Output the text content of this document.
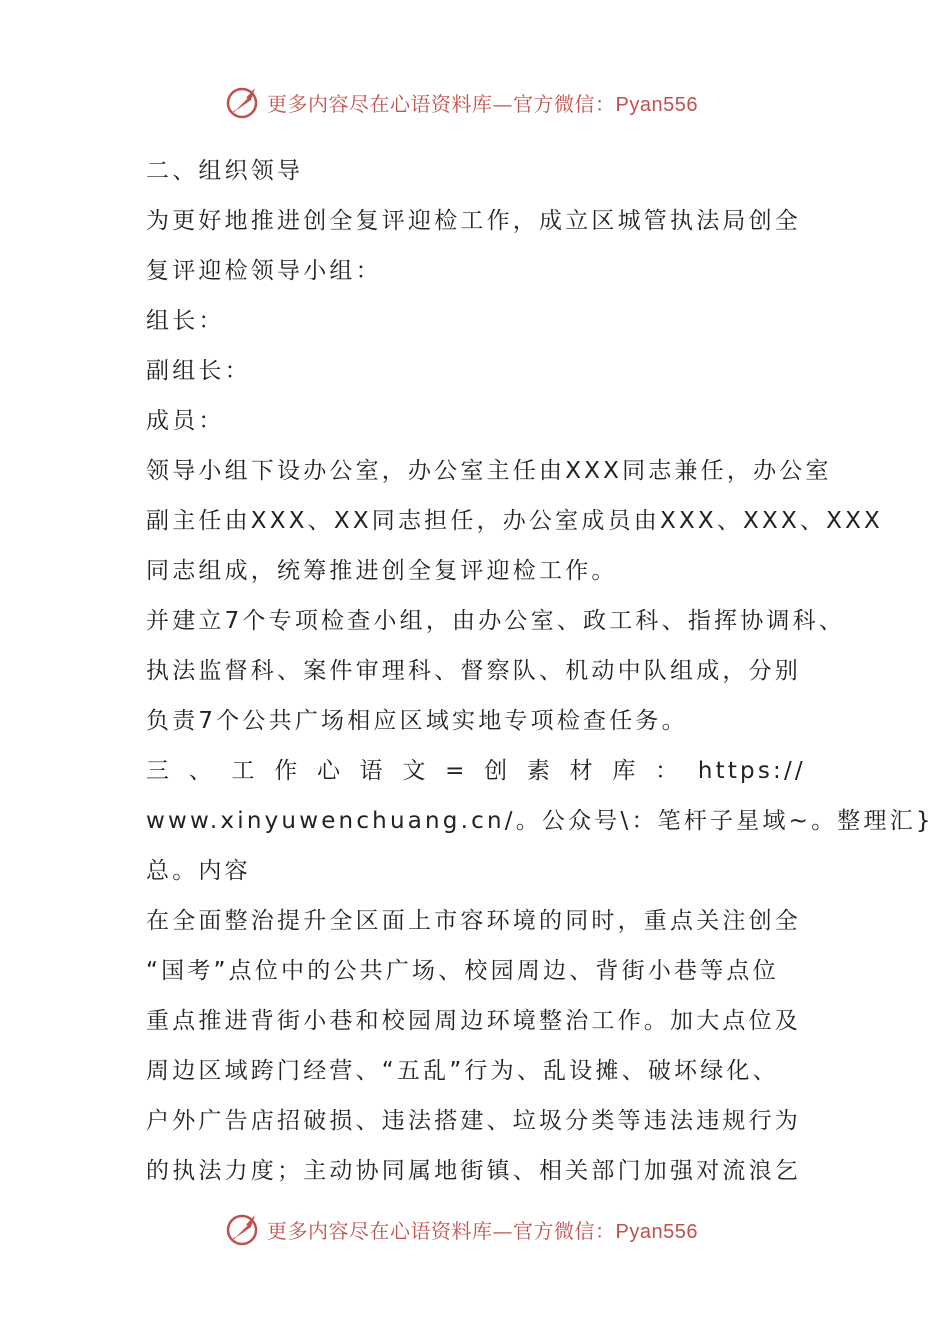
更多内容尽在心语资料库—官方微信：Pyan556
二、组织领导
为更好地推进创全复评迎检工作，成立区城管执法局创全
复评迎检领导小组：
组长：
副组长：
成员：
领导小组下设办公室，办公室主任由XXX同志兼任，办公室
副主任由XXX、XX同志担任，办公室成员由XXX、XXX、XXX
同志组成，统筹推进创全复评迎检工作。
并建立7个专项检查小组，由办公室、政工科、指挥协调科、
执法监督科、案件审理科、督察队、机动中队组成，分别
负责7个公共广场相应区域实地专项检查任务。
三 、 工 作 心 语 文 = 创 素 材 库 ： https://
www.xinyuwenchuang.cn/。公众号\：笔杆子星域~。整理汇}
总。内容
在全面整治提升全区面上市容环境的同时，重点关注创全
“国考”点位中的公共广场、校园周边、背街小巷等点位
重点推进背街小巷和校园周边环境整治工作。加大点位及
周边区域跨门经营、“五乱”行为、乱设摊、破坏绿化、
户外广告店招破损、违法搭建、垃圾分类等违法违规行为
的执法力度；主动协同属地街镇、相关部门加强对流浪乞
更多内容尽在心语资料库—官方微信：Pyan556
